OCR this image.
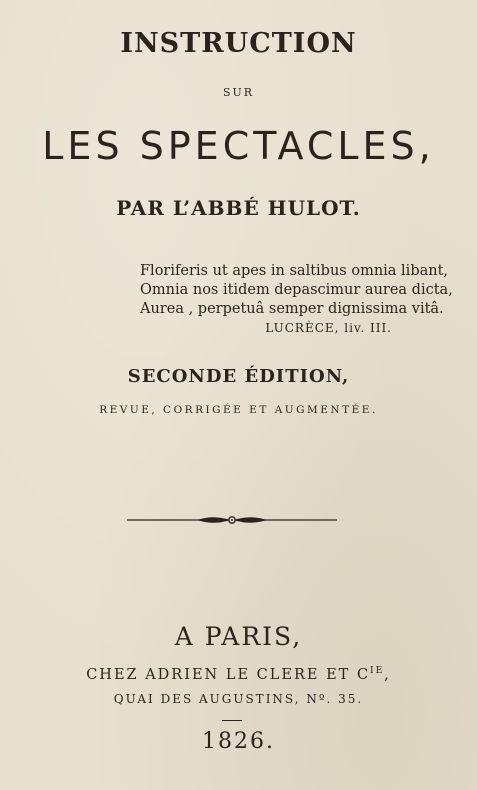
INSTRUCTION
SUR
LES SPECTACLES,
PAR L’ABBÉ HULOT.
Floriferis ut apes in saltibus omnia libant,
Omnia nos itidem depascimur aurea dicta,
Aurea , perpetuâ semper dignissima vitâ.
LUCRÈCE, liv. III.
SECONDE ÉDITION,
REVUE, CORRIGÉE ET AUGMENTÉE.
A PARIS,
CHEZ ADRIEN LE CLERE ET $C^{IE}$,
QUAI DES AUGUSTINS, Nº. 35.
1826.
